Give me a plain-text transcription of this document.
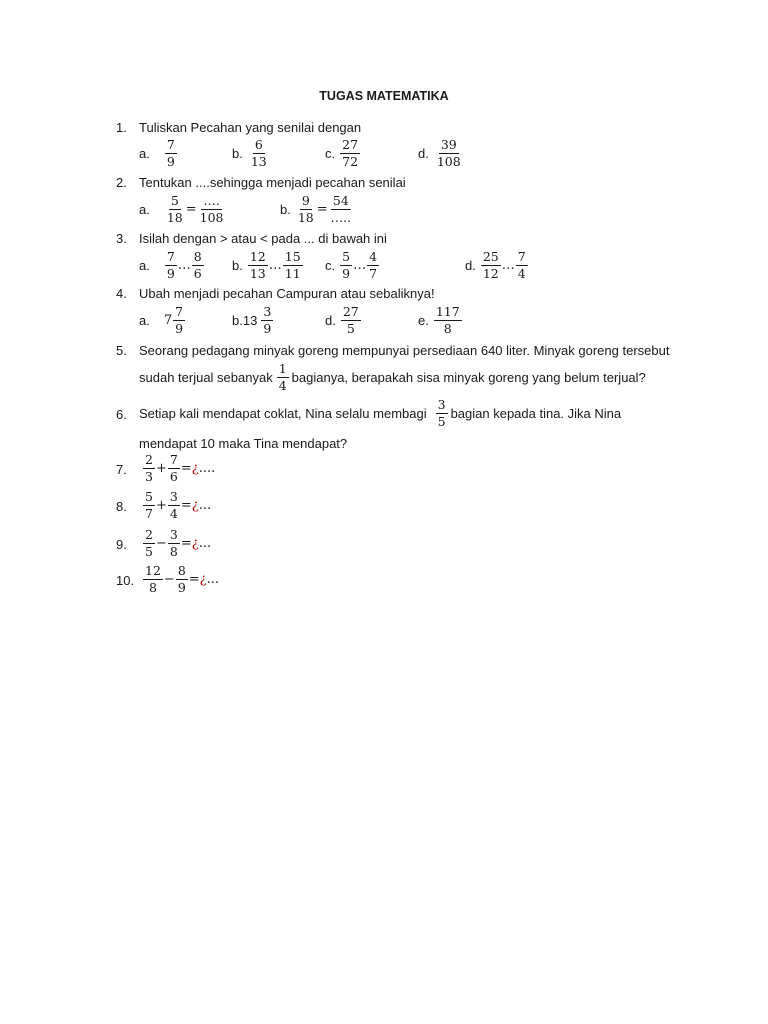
TUGAS MATEMATIKA
1. Tuliskan Pecahan yang senilai dengan
a. $\frac{7}{9}$	b. $\frac{6}{13}$	c. $\frac{27}{72}$	d. $\frac{39}{108}$
2. Tentukan ....sehingga menjadi pecahan senilai
a. $\frac{5}{18} = \frac{\dots.}{108}$	b. $\frac{9}{18} = \frac{54}{\dots..}$
3. Isilah dengan > atau < pada ... di bawah ini
a. $\frac{7}{9}$ … $\frac{8}{6} b$. $\frac{12}{13}$ … $\frac{15}{11} c$. $\frac{5}{9}$ … $\frac{4}{7}$	d. $\frac{25}{12}$ … $\frac{7}{4}$
4. Ubah menjadi pecahan Campuran atau sebaliknya!
a. $7 \frac{7}{9}$	$b.13 \frac{3}{9}$	d. $\frac{27}{5}$	e. $\frac{117}{8}$
5. Seorang pedagang minyak goreng mempunyai persediaan 640 liter. Minyak goreng tersebut
sudah terjual sebanyak $\frac{1}{4}$ bagianya, berapakah sisa minyak goreng yang belum terjual?
6. Setiap kali mendapat coklat, Nina selalu membagi $\frac{3}{5}$ bagian kepada tina. Jika Nina
mendapat 10 maka Tina mendapat?
7. $\frac{2}{3} + \frac{7}{6}$ = ¿ ....
8. $\frac{5}{7} + \frac{3}{4}$ = ¿ ...
9. $\frac{2}{5} - \frac{3}{8}$ = ¿ ...
10. $\frac{12}{8} - \frac{8}{9}$ = ¿ ...
